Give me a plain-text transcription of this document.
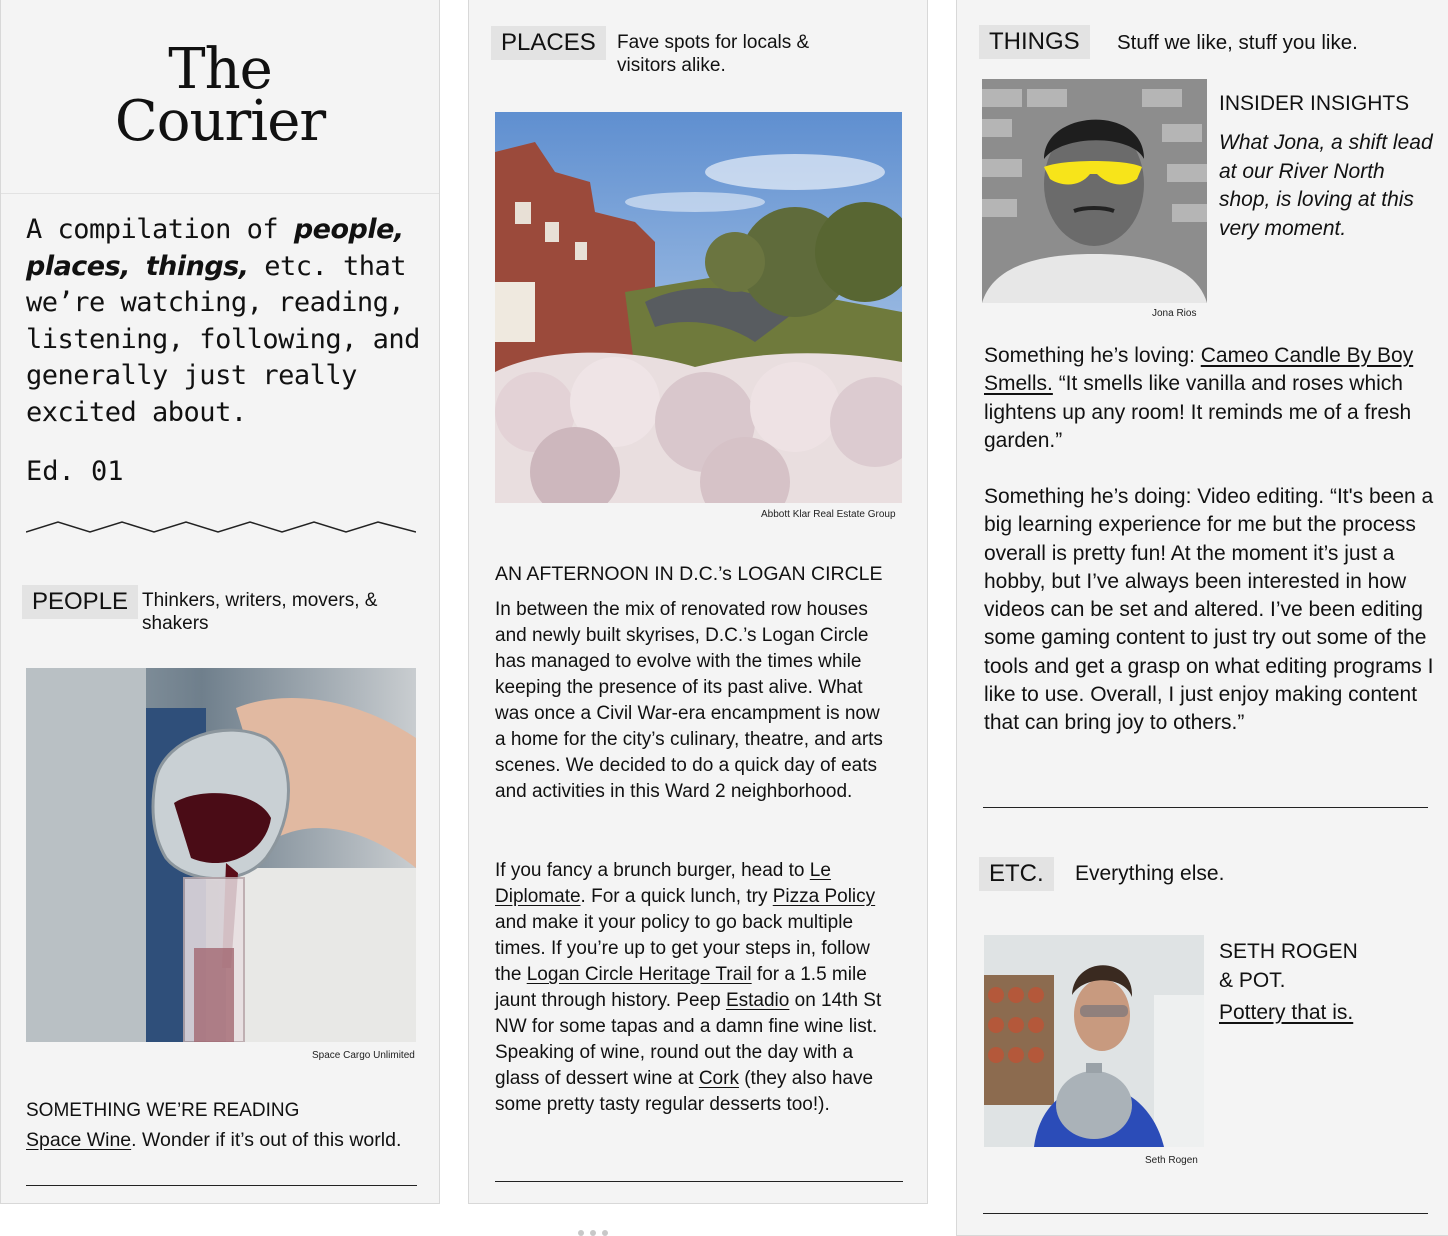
The
Courier
A compilation of people, places, things, etc. that we’re watching, reading, listening, following, and generally just really excited about.
Ed. 01
PEOPLE Thinkers, writers, movers, & shakers
Space Cargo Unlimited
SOMETHING WE’RE READING
Space Wine. Wonder if it’s out of this world.
PLACES	Fave spots for locals & visitors alike.
Abbott Klar Real Estate Group
AN AFTERNOON IN D.C.’s LOGAN CIRCLE
In between the mix of renovated row houses and newly built skyrises, D.C.’s Logan Circle has managed to evolve with the times while keeping the presence of its past alive. What was once a Civil War-era encampment is now a home for the city’s culinary, theatre, and arts scenes. We decided to do a quick day of eats and activities in this Ward 2 neighborhood.
If you fancy a brunch burger, head to Le Diplomate. For a quick lunch, try Pizza Policy and make it your policy to go back multiple times. If you’re up to get your steps in, follow the Logan Circle Heritage Trail for a 1.5 mile jaunt through history. Peep Estadio on 14th St NW for some tapas and a damn fine wine list. Speaking of wine, round out the day with a glass of dessert wine at Cork (they also have some pretty tasty regular desserts too!).
THINGS	Stuff we like, stuff you like.
Jona Rios
INSIDER INSIGHTS
What Jona, a shift lead at our River North shop, is loving at this very moment.
Something he’s loving: Cameo Candle By Boy Smells. “It smells like vanilla and roses which lightens up any room! It reminds me of a fresh garden.”
Something he’s doing: Video editing. “It's been a big learning experience for me but the process overall is pretty fun! At the moment it’s just a hobby, but I’ve always been interested in how videos can be set and altered. I’ve been editing some gaming content to just try out some of the tools and get a grasp on what editing programs I like to use. Overall, I just enjoy making content that can bring joy to others.”
ETC.	Everything else.
Seth Rogen
SETH ROGEN
& POT.
Pottery that is.
